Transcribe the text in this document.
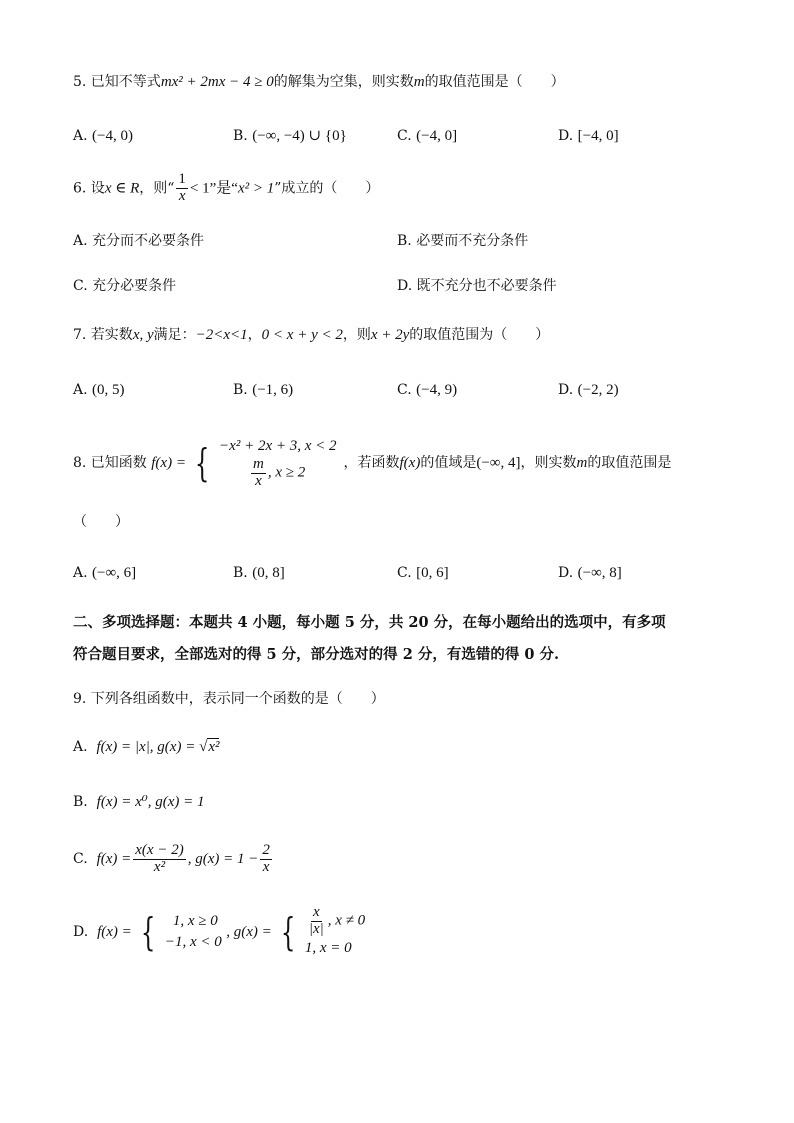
5. 已知不等式mx² + 2mx − 4 ≥ 0的解集为空集，则实数m的取值范围是（　　）
A. (−4, 0)	B. (−∞, −4) ∪ {0}	C. (−4, 0]	D. [−4, 0]
6. 设x ∈ R，则“ $\frac{1}{x} < 1$”是“x² > 1”成立的（　　）
A. 充分而不必要条件	B. 必要而不充分条件
C. 充分必要条件	D. 既不充分也不必要条件
7. 若实数x, y满足：−2<x<1，0 < x + y < 2，则x + 2y的取值范围为（　　）
A. (0, 5)	B. (−1, 6)	C. (−4, 9)	D. (−2, 2)
8. 已知函数 f(x) = { −x² + 2x + 3, x < 2
$\frac{m}{x}$ , x ≥ 2
，若函数f(x)的值域是(−∞, 4]，则实数m的取值范围是
（　　）
A. (−∞, 6]	B. (0, 8]	C. [0, 6]	D. (−∞, 8]
二、多项选择题：本题共 4 小题，每小题 5 分，共 20 分，在每小题给出的选项中，有多项
符合题目要求，全部选对的得 5 分，部分选对的得 2 分，有选错的得 0 分.
9. 下列各组函数中，表示同一个函数的是（　　）
A. f(x) = |x|, g(x) = √x²
B. f(x) = x⁰, g(x) = 1
C. $f(x) = \frac{x(x - 2)}{\text{x²}}$ , $g(x) = 1 - \frac{2}{x}$
D. f(x) = {	1, x ≥ 0
−1, x < 0
, g(x) = { $\frac{x}{|x|}$ , x ≠ 0
1, x = 0
